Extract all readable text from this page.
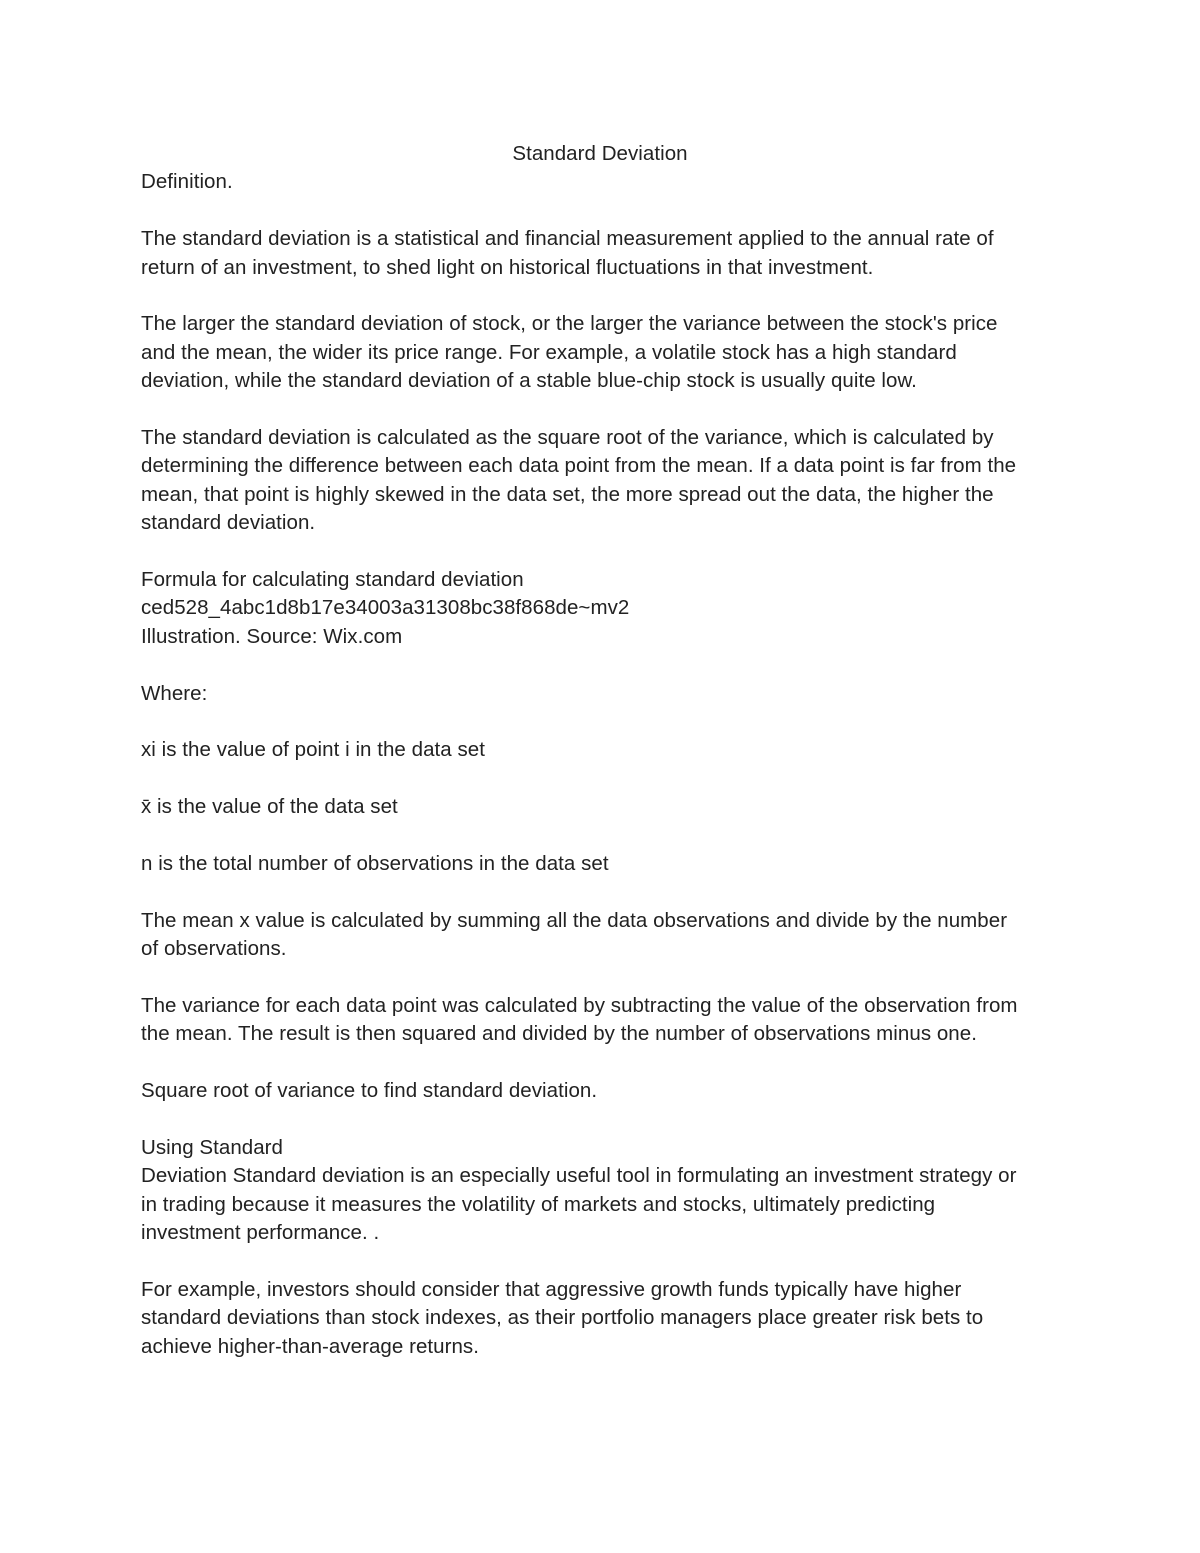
Standard Deviation

Definition.

The standard deviation is a statistical and financial measurement applied to the annual rate of
return of an investment, to shed light on historical fluctuations in that investment.

The larger the standard deviation of stock, or the larger the variance between the stock's price
and the mean, the wider its price range. For example, a volatile stock has a high standard
deviation, while the standard deviation of a stable blue-chip stock is usually quite low.

The standard deviation is calculated as the square root of the variance, which is calculated by
determining the difference between each data point from the mean. If a data point is far from the
mean, that point is highly skewed in the data set, the more spread out the data, the higher the
standard deviation.

Formula for calculating standard deviation

ced528_4abc1d8b17e34003a31308bc38f868de~mv2

Illustration. Source: Wix.com

Where:

xi is the value of point i in the data set

x̄ is the value of the data set

n is the total number of observations in the data set

The mean x value is calculated by summing all the data observations and divide by the number
of observations.

The variance for each data point was calculated by subtracting the value of the observation from
the mean. The result is then squared and divided by the number of observations minus one.

Square root of variance to find standard deviation.

Using Standard

Deviation Standard deviation is an especially useful tool in formulating an investment strategy or
in trading because it measures the volatility of markets and stocks, ultimately predicting
investment performance. .

For example, investors should consider that aggressive growth funds typically have higher
standard deviations than stock indexes, as their portfolio managers place greater risk bets to
achieve higher-than-average returns.
